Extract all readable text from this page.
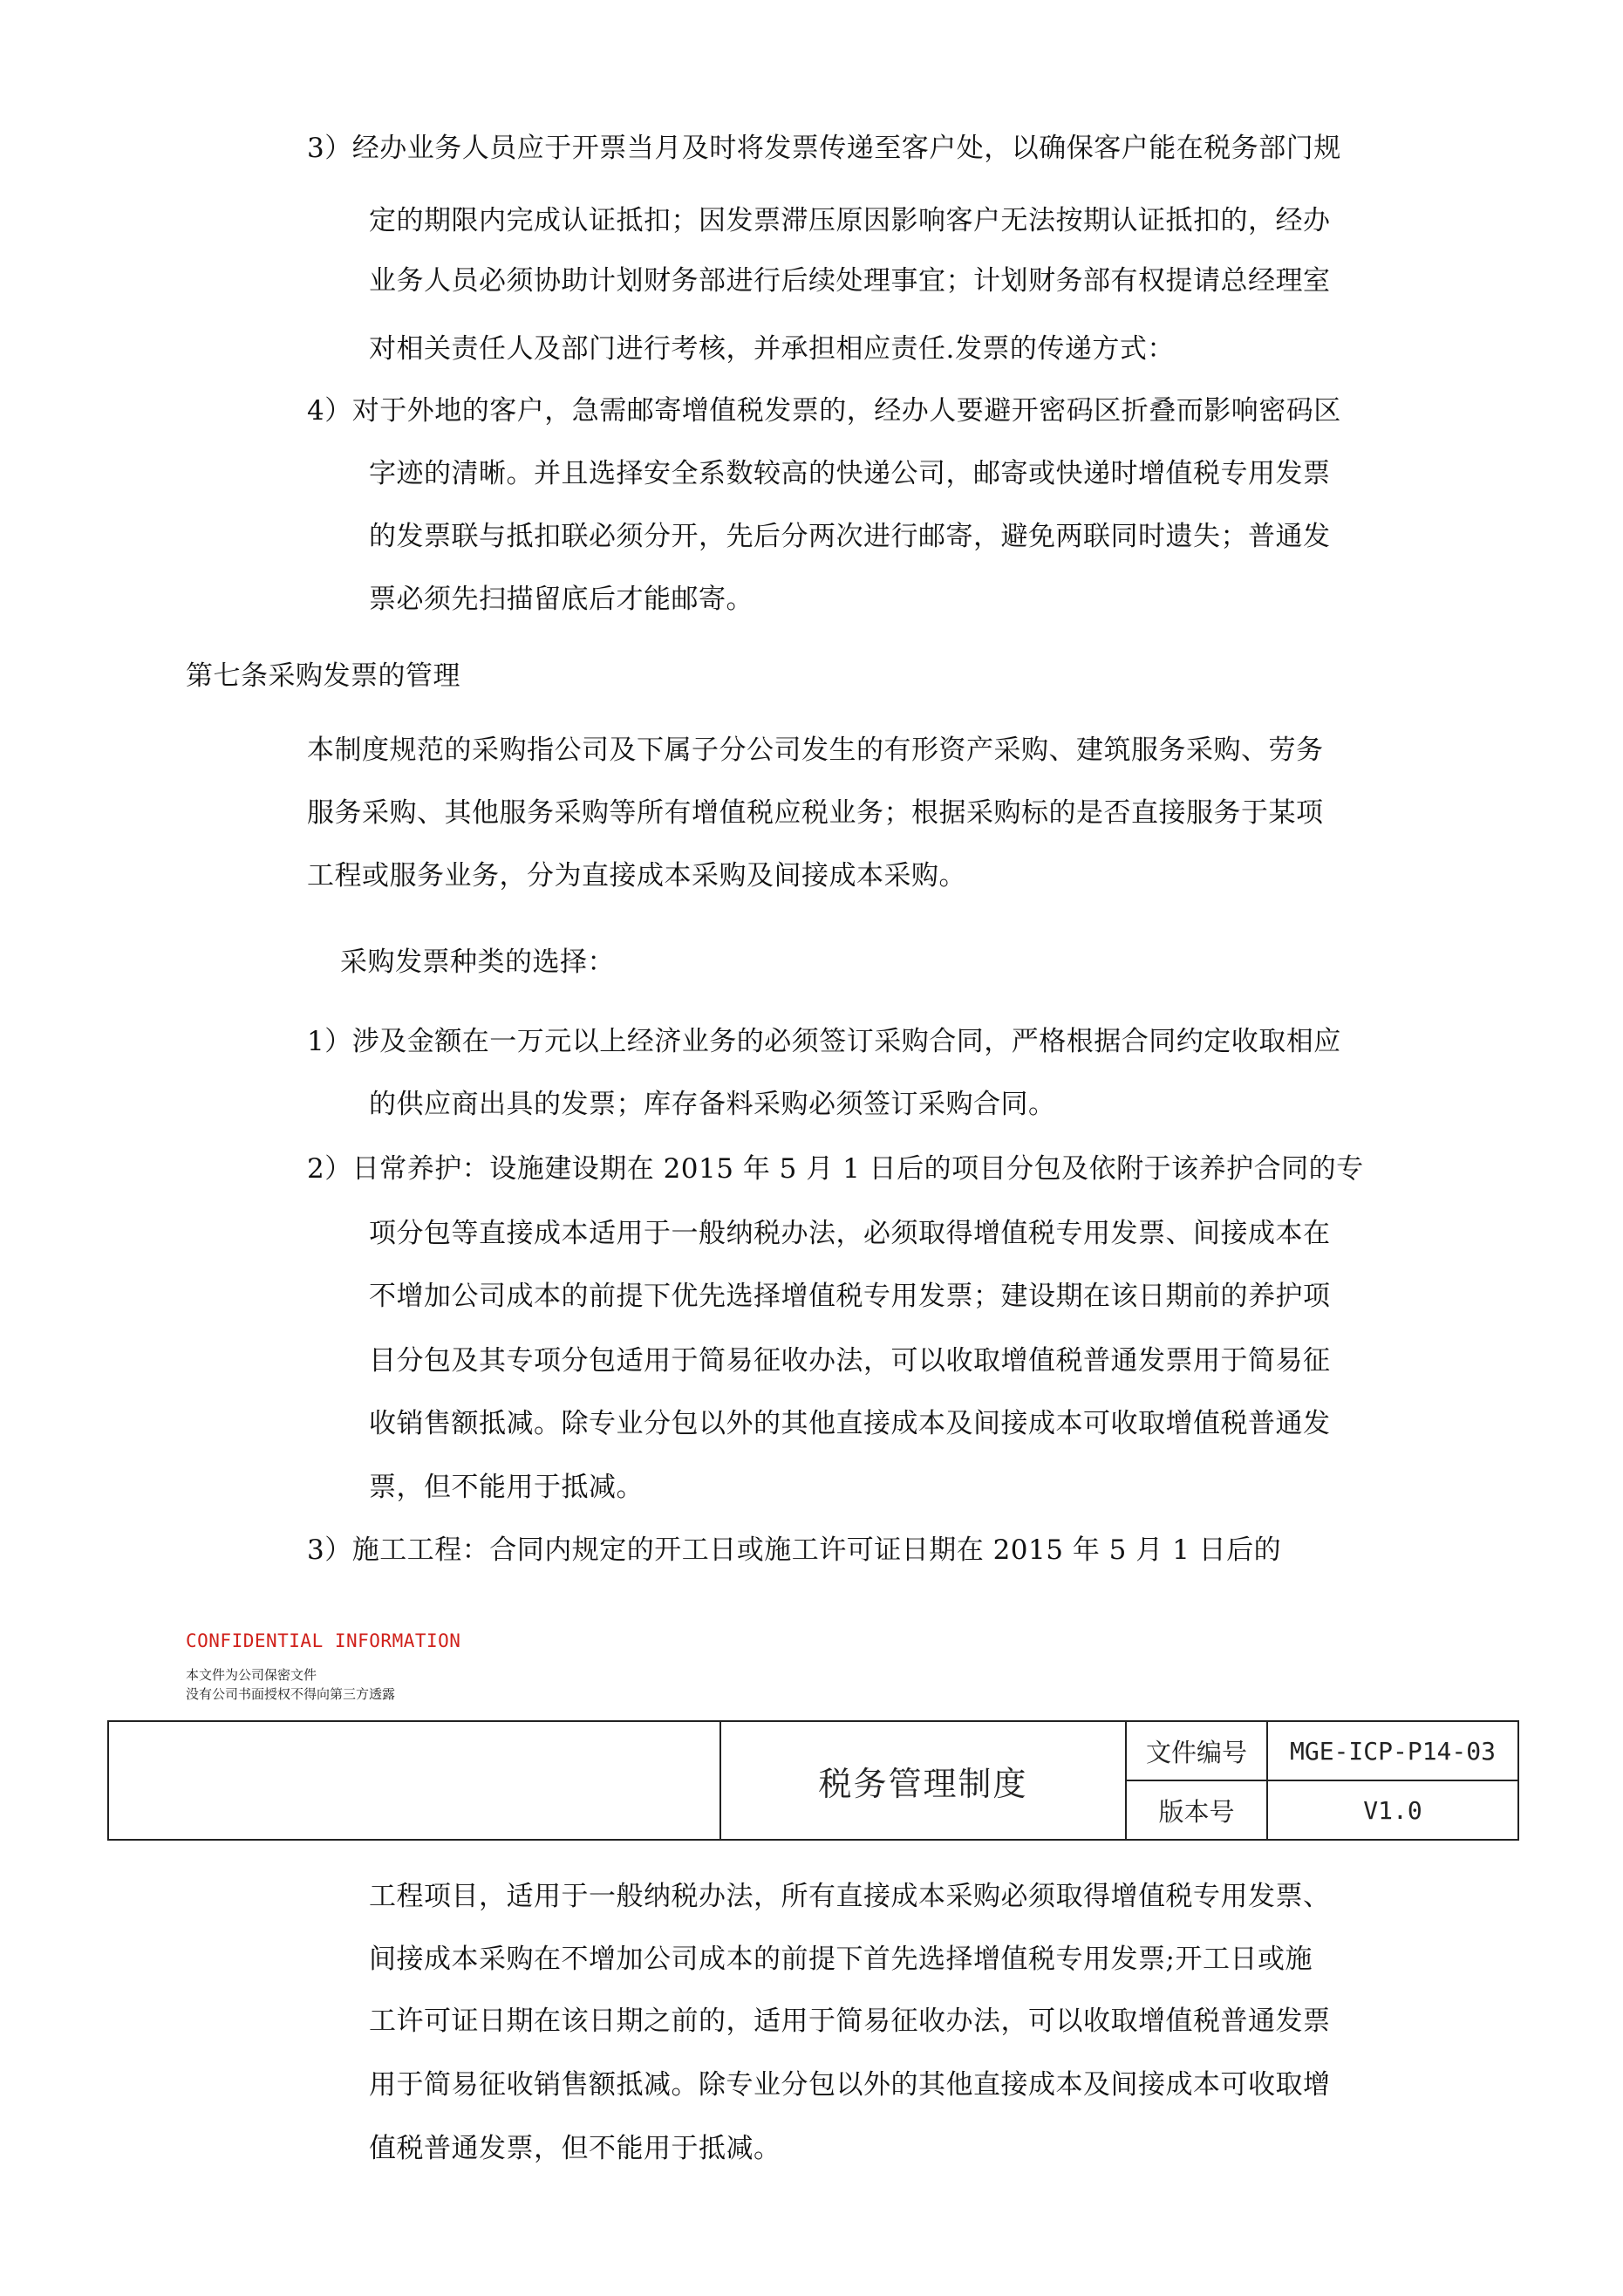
3）经办业务人员应于开票当月及时将发票传递至客户处，以确保客户能在税务部门规
定的期限内完成认证抵扣；因发票滞压原因影响客户无法按期认证抵扣的，经办
业务人员必须协助计划财务部进行后续处理事宜；计划财务部有权提请总经理室
对相关责任人及部门进行考核，并承担相应责任.发票的传递方式：
4）对于外地的客户，急需邮寄增值税发票的，经办人要避开密码区折叠而影响密码区
字迹的清晰。并且选择安全系数较高的快递公司，邮寄或快递时增值税专用发票
的发票联与抵扣联必须分开，先后分两次进行邮寄，避免两联同时遗失；普通发
票必须先扫描留底后才能邮寄。
第七条采购发票的管理
本制度规范的采购指公司及下属子分公司发生的有形资产采购、建筑服务采购、劳务
服务采购、其他服务采购等所有增值税应税业务；根据采购标的是否直接服务于某项
工程或服务业务，分为直接成本采购及间接成本采购。
采购发票种类的选择：
1）涉及金额在一万元以上经济业务的必须签订采购合同，严格根据合同约定收取相应
的供应商出具的发票；库存备料采购必须签订采购合同。
2）日常养护：设施建设期在 2015 年 5 月 1 日后的项目分包及依附于该养护合同的专
项分包等直接成本适用于一般纳税办法，必须取得增值税专用发票、间接成本在
不增加公司成本的前提下优先选择增值税专用发票；建设期在该日期前的养护项
目分包及其专项分包适用于简易征收办法，可以收取增值税普通发票用于简易征
收销售额抵减。除专业分包以外的其他直接成本及间接成本可收取增值税普通发
票，但不能用于抵减。
3）施工工程：合同内规定的开工日或施工许可证日期在 2015 年 5 月 1 日后的
CONFIDENTIAL INFORMATION
本文件为公司保密文件
没有公司书面授权不得向第三方透露
	税务管理制度	文件编号	MGE-ICP-P14-03
		版本号	V1.0
工程项目，适用于一般纳税办法，所有直接成本采购必须取得增值税专用发票、
间接成本采购在不增加公司成本的前提下首先选择增值税专用发票;开工日或施
工许可证日期在该日期之前的，适用于简易征收办法，可以收取增值税普通发票
用于简易征收销售额抵减。除专业分包以外的其他直接成本及间接成本可收取增
值税普通发票，但不能用于抵减。
